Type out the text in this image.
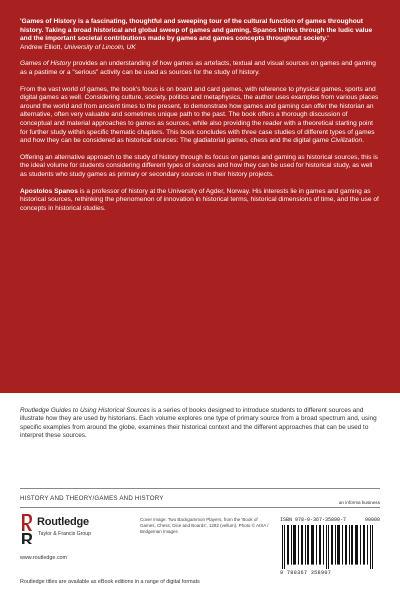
'Games of History is a fascinating, thoughtful and sweeping tour of the cultural function of games throughout history. Taking a broad historical and global sweep of games and gaming, Spanos thinks through the ludic value and the important societal contributions made by games and games concepts throughout society.'

Andrew Elliott, University of Lincoln, UK

Games of History provides an understanding of how games as artefacts, textual and visual sources on games and gaming as a pastime or a "serious" activity can be used as sources for the study of history.

From the vast world of games, the book's focus is on board and card games, with reference to physical games, sports and digital games as well. Considering culture, society, politics and metaphysics, the author uses examples from various places around the world and from ancient times to the present, to demonstrate how games and gaming can offer the historian an alternative, often very valuable and sometimes unique path to the past. The book offers a thorough discussion of conceptual and material approaches to games as sources, while also providing the reader with a theoretical starting point for further study within specific thematic chapters. This book concludes with three case studies of different types of games and how they can be considered as historical sources: The gladiatorial games, chess and the digital game Civilization.

Offering an alternative approach to the study of history through its focus on games and gaming as historical sources, this is the ideal volume for students considering different types of sources and how they can be used for historical study, as well as students who study games as primary or secondary sources in their history projects.

Apostolos Spanos is a professor of history at the University of Agder, Norway. His interests lie in games and gaming as historical sources, rethinking the phenomenon of innovation in historical terms, historical dimensions of time, and the use of concepts in historical studies.

Routledge Guides to Using Historical Sources is a series of books designed to introduce students to different sources and illustrate how they are used by historians. Each volume explores one type of primary source from a broad spectrum and, using specific examples from around the globe, examines their historical context and the different approaches that can be used to interpret these sources.

HISTORY AND THEORY/GAMES AND HISTORY
an informa business
Routledge
Taylor & Francis Group
www.routledge.com
Cover image: Two Backgammon Players, from the 'Book of Games, Chess, Dice and Boards', 1282 (vellum). Photo © AISA / Bridgeman Images
ISBN 978-0-367-35890-7	90000
9 780367 358907
Routledge titles are available as eBook editions in a range of digital formats
